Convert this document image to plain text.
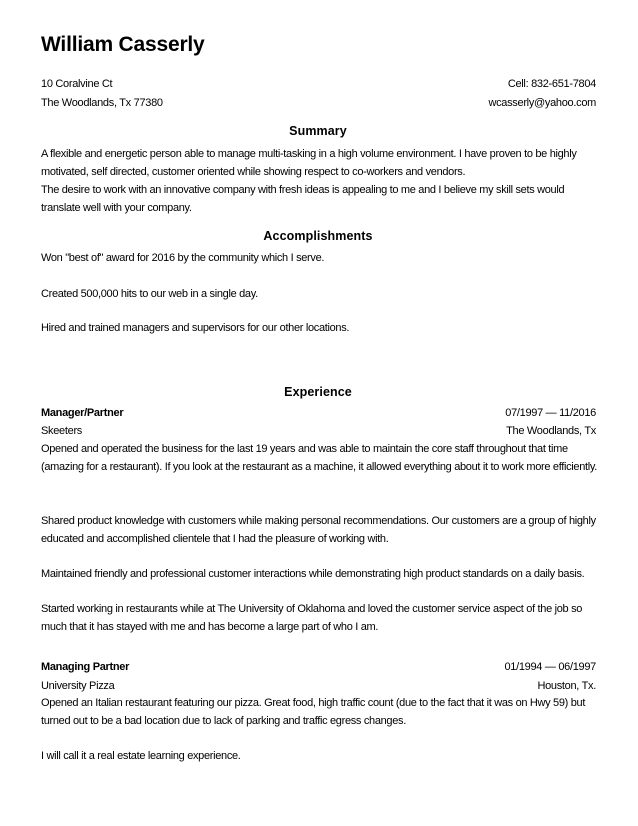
William Casserly
10 Coralvine Ct	Cell: 832-651-7804
The Woodlands, Tx 77380	wcasserly@yahoo.com
Summary
A flexible and energetic person able to manage multi-tasking in a high volume environment. I have proven to be highly motivated, self directed, customer oriented while showing respect to co-workers and vendors.
The desire to work with an innovative company with fresh ideas is appealing to me and I believe my skill sets would translate well with your company.
Accomplishments
Won "best of" award for 2016 by the community which I serve.
Created 500,000 hits to our web in a single day.
Hired and trained managers and supervisors for our other locations.
Experience
Manager/Partner	07/1997 — 11/2016
Skeeters	The Woodlands, Tx
Opened and operated the business for the last 19 years and was able to maintain the core staff throughout that time (amazing for a restaurant). If you look at the restaurant as a machine, it allowed everything about it to work more efficiently.
Shared product knowledge with customers while making personal recommendations. Our customers are a group of highly educated and accomplished clientele that I had the pleasure of working with.
Maintained friendly and professional customer interactions while demonstrating high product standards on a daily basis.
Started working in restaurants while at The University of Oklahoma and loved the customer service aspect of the job so much that it has stayed with me and has become a large part of who I am.
Managing Partner	01/1994 — 06/1997
University Pizza	Houston, Tx.
Opened an Italian restaurant featuring our pizza. Great food, high traffic count (due to the fact that it was on Hwy 59) but turned out to be a bad location due to lack of parking and traffic egress changes.
I will call it a real estate learning experience.
